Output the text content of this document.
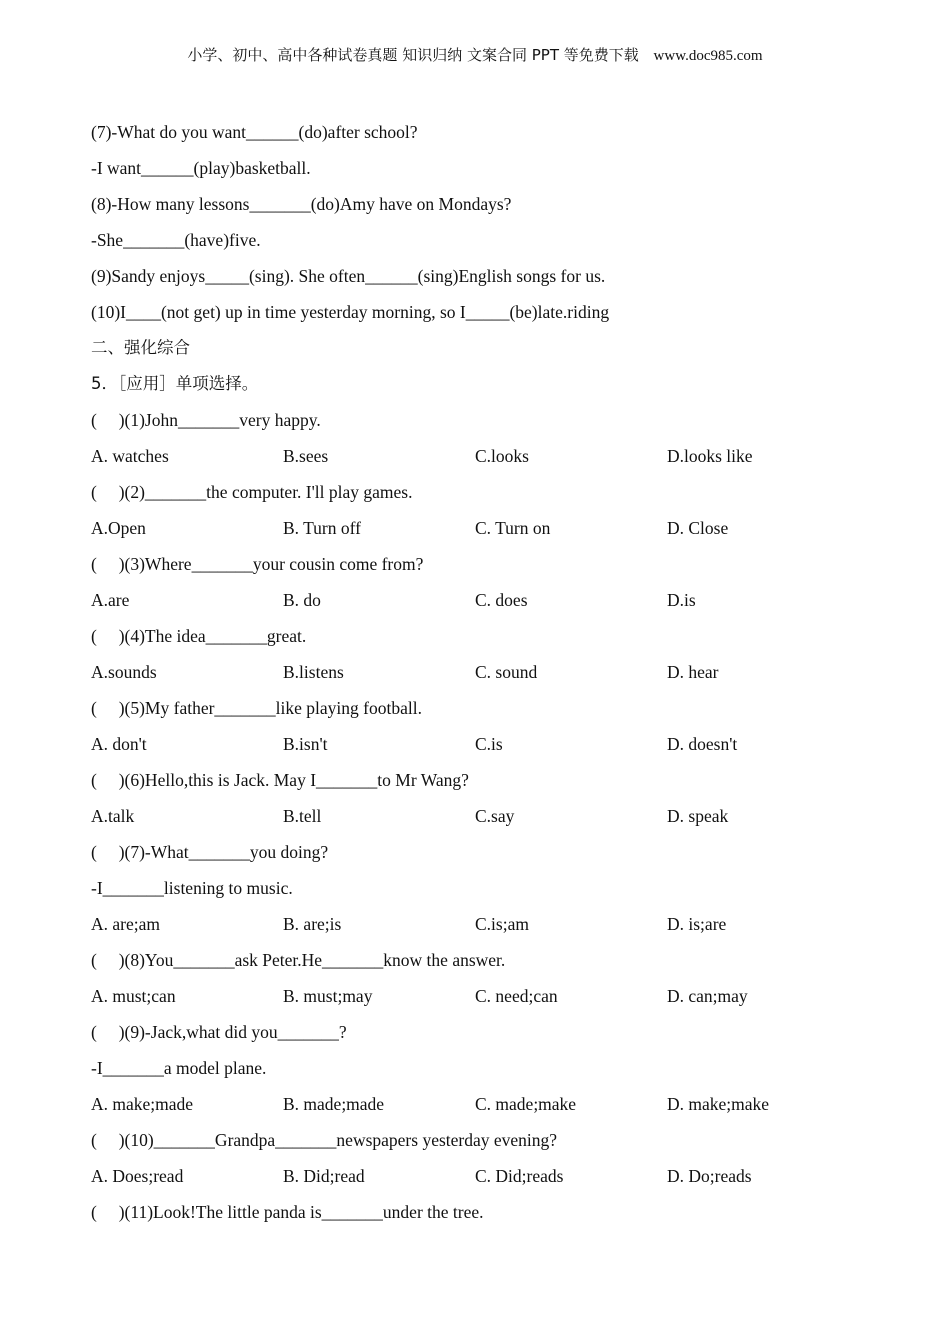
小学、初中、高中各种试卷真题 知识归纳 文案合同 PPT 等免费下载 www.doc985.com
(7)-What do you want______(do)after school?
-I want______(play)basketball.
(8)-How many lessons_______(do)Amy have on Mondays?
-She_______(have)five.
(9)Sandy enjoys_____(sing). She often______(sing)English songs for us.
(10)I____(not get) up in time yesterday morning, so I_____(be)late.riding
二、强化综合
5．［应用］单项选择。
(     )(1)John_______very happy.
A. watches	B.sees	C.looks	D.looks like
(     )(2)_______the computer. I'll play games.
A.Open	B. Turn off	C. Turn on	D. Close
(     )(3)Where_______your cousin come from?
A.are	B. do	C. does	D.is
(     )(4)The idea_______great.
A.sounds	B.listens	C. sound	D. hear
(     )(5)My father_______like playing football.
A. don't	B.isn't	C.is	D. doesn't
(     )(6)Hello,this is Jack. May I_______to Mr Wang?
A.talk	B.tell	C.say	D. speak
(     )(7)-What_______you doing?
-I_______listening to music.
A. are;am	B. are;is	C.is;am	D. is;are
(     )(8)You_______ask Peter.He_______know the answer.
A. must;can	B. must;may	C. need;can	D. can;may
(     )(9)-Jack,what did you_______?
-I_______a model plane.
A. make;made	B. made;made	C. made;make	D. make;make
(     )(10)_______Grandpa_______newspapers yesterday evening?
A. Does;read	B. Did;read	C. Did;reads	D. Do;reads
(     )(11)Look!The little panda is_______under the tree.
